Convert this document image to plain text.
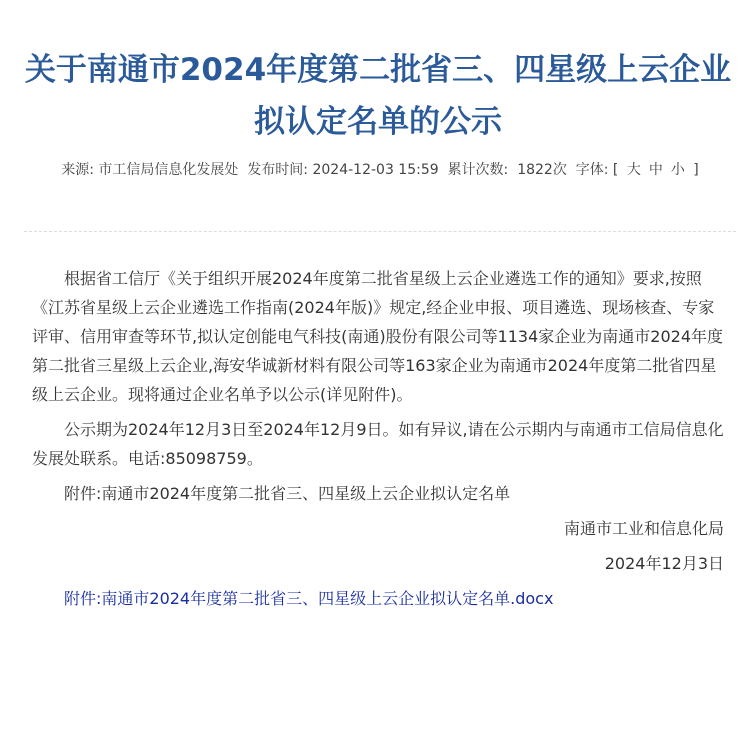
关于南通市2024年度第二批省三、四星级上云企业拟认定名单的公示
来源: 市工信局信息化发展处 发布时间: 2024-12-03 15:59 累计次数: 1822次 字体: [ 大 中 小 ]

根据省工信厅《关于组织开展2024年度第二批省星级上云企业遴选工作的通知》要求,按照《江苏省星级上云企业遴选工作指南(2024年版)》规定,经企业申报、项目遴选、现场核查、专家评审、信用审查等环节,拟认定创能电气科技(南通)股份有限公司等1134家企业为南通市2024年度第二批省三星级上云企业,海安华诚新材料有限公司等163家企业为南通市2024年度第二批省四星级上云企业。现将通过企业名单予以公示(详见附件)。

公示期为2024年12月3日至2024年12月9日。如有异议,请在公示期内与南通市工信局信息化发展处联系。电话:85098759。

附件:南通市2024年度第二批省三、四星级上云企业拟认定名单

南通市工业和信息化局

2024年12月3日

附件:南通市2024年度第二批省三、四星级上云企业拟认定名单.docx
